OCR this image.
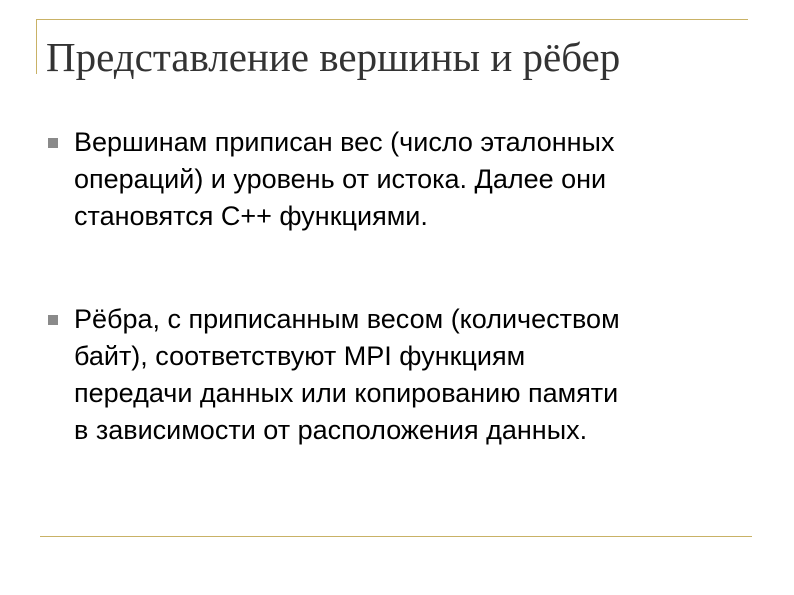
Представление вершины и рёбер
Вершинам приписан вес (число эталонных
операций) и уровень от истока. Далее они
становятся C++ функциями.
Рёбра, с приписанным весом (количеством
байт), соответствуют MPI функциям
передачи данных или копированию памяти
в зависимости от расположения данных.
